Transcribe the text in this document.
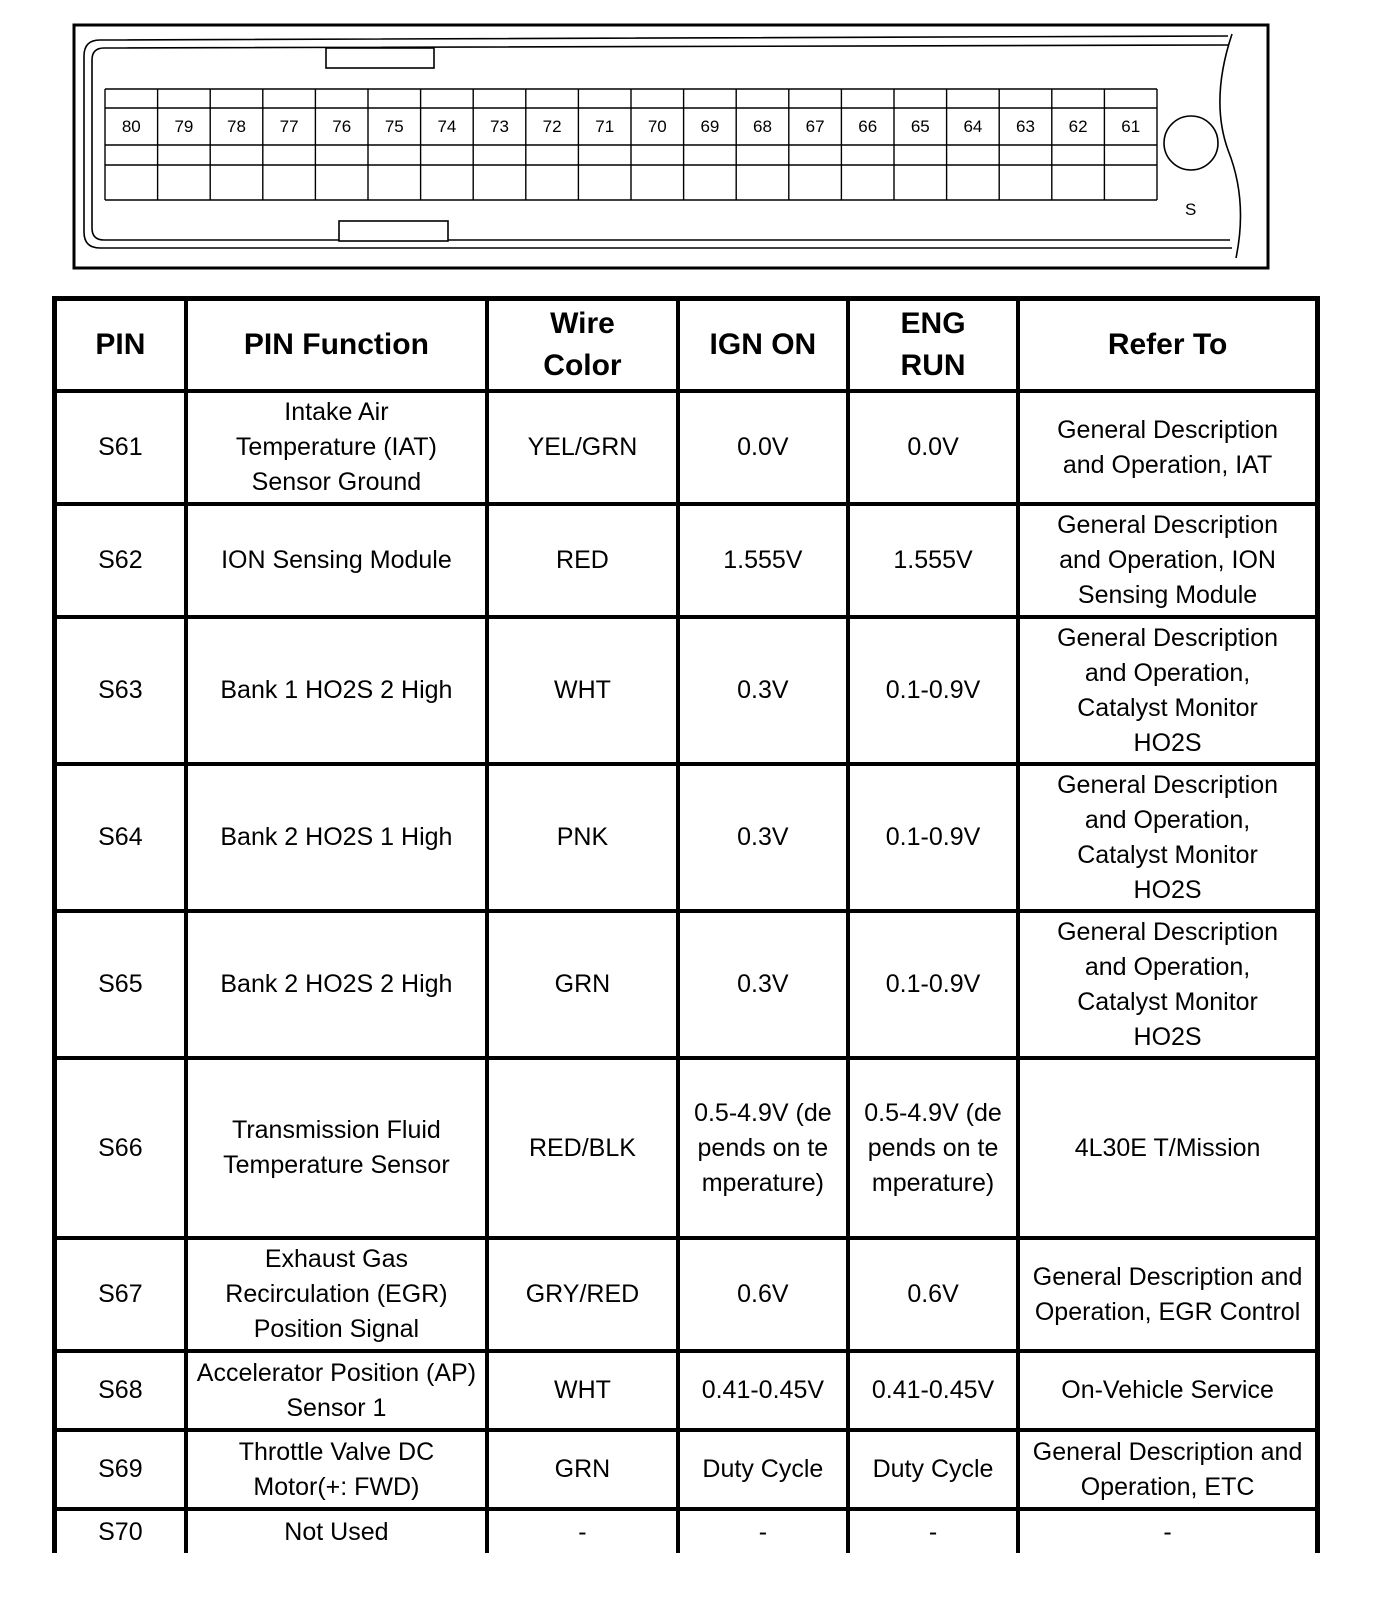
80 79 78 77 76 75 74 73 72 71 70 69 68 67 66 65 64 63 62 61
S
PIN	PIN Function	Wire Color	IGN ON	ENG RUN	Refer To
S61	Intake Air Temperature (IAT) Sensor Ground	YEL/GRN	0.0V	0.0V	General Description and Operation, IAT
S62	ION Sensing Module	RED	1.555V	1.555V	General Description and Operation, ION Sensing Module
S63	Bank 1 HO2S 2 High	WHT	0.3V	0.1-0.9V	General Description and Operation, Catalyst Monitor HO2S
S64	Bank 2 HO2S 1 High	PNK	0.3V	0.1-0.9V	General Description and Operation, Catalyst Monitor HO2S
S65	Bank 2 HO2S 2 High	GRN	0.3V	0.1-0.9V	General Description and Operation, Catalyst Monitor HO2S
S66	Transmission Fluid Temperature Sensor	RED/BLK	0.5-4.9V (depends on temperature)	0.5-4.9V (depends on temperature)	4L30E T/Mission
S67	Exhaust Gas Recirculation (EGR) Position Signal	GRY/RED	0.6V	0.6V	General Description and Operation, EGR Control
S68	Accelerator Position (AP) Sensor 1	WHT	0.41-0.45V	0.41-0.45V	On-Vehicle Service
S69	Throttle Valve DC Motor(+: FWD)	GRN	Duty Cycle	Duty Cycle	General Description and Operation, ETC
S70	Not Used	-	-	-	-
